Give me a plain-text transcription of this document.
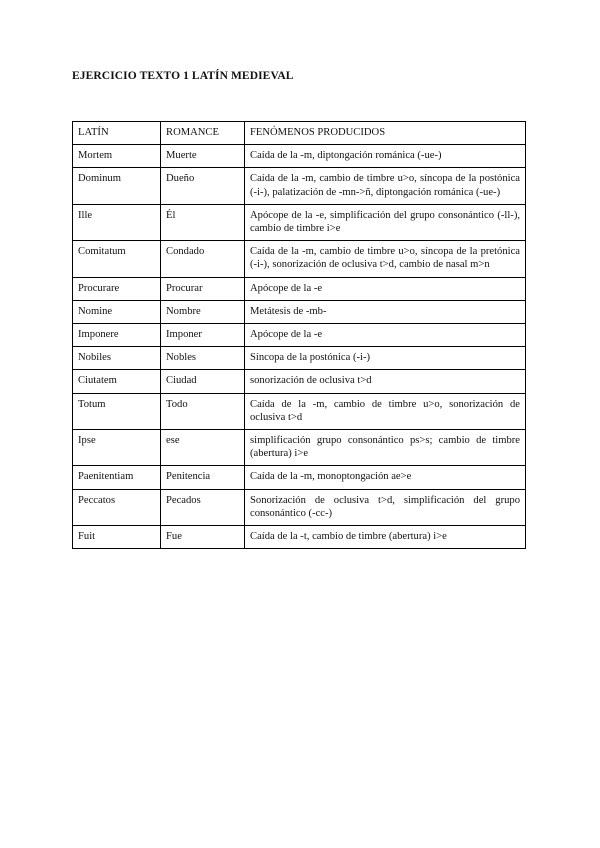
EJERCICIO TEXTO 1 LATÍN MEDIEVAL
LATÍN	ROMANCE	FENÓMENOS PRODUCIDOS
Mortem	Muerte	Caída de la -m, diptongación románica (-ue-)
Dominum	Dueño	Caída de la -m, cambio de timbre u>o, síncopa de la postónica (-i-), palatización de -mn->ñ, diptongación románica (-ue-)
Ille	Él	Apócope de la -e, simplificación del grupo consonántico (-ll-), cambio de timbre i>e
Comitatum	Condado	Caída de la -m, cambio de timbre u>o, síncopa de la pretónica (-i-), sonorización de oclusiva t>d, cambio de nasal m>n
Procurare	Procurar	Apócope de la -e
Nomine	Nombre	Metátesis de -mb-
Imponere	Imponer	Apócope de la -e
Nobiles	Nobles	Síncopa de la postónica (-i-)
Ciutatem	Ciudad	sonorización de oclusiva t>d
Totum	Todo	Caída de la -m, cambio de timbre u>o, sonorización de oclusiva t>d
Ipse	ese	simplificación grupo consonántico ps>s; cambio de timbre (abertura) i>e
Paenitentiam	Penitencia	Caída de la -m, monoptongación ae>e
Peccatos	Pecados	Sonorización de oclusiva t>d, simplificación del grupo consonántico (-cc-)
Fuit	Fue	Caída de la -t, cambio de timbre (abertura) i>e
